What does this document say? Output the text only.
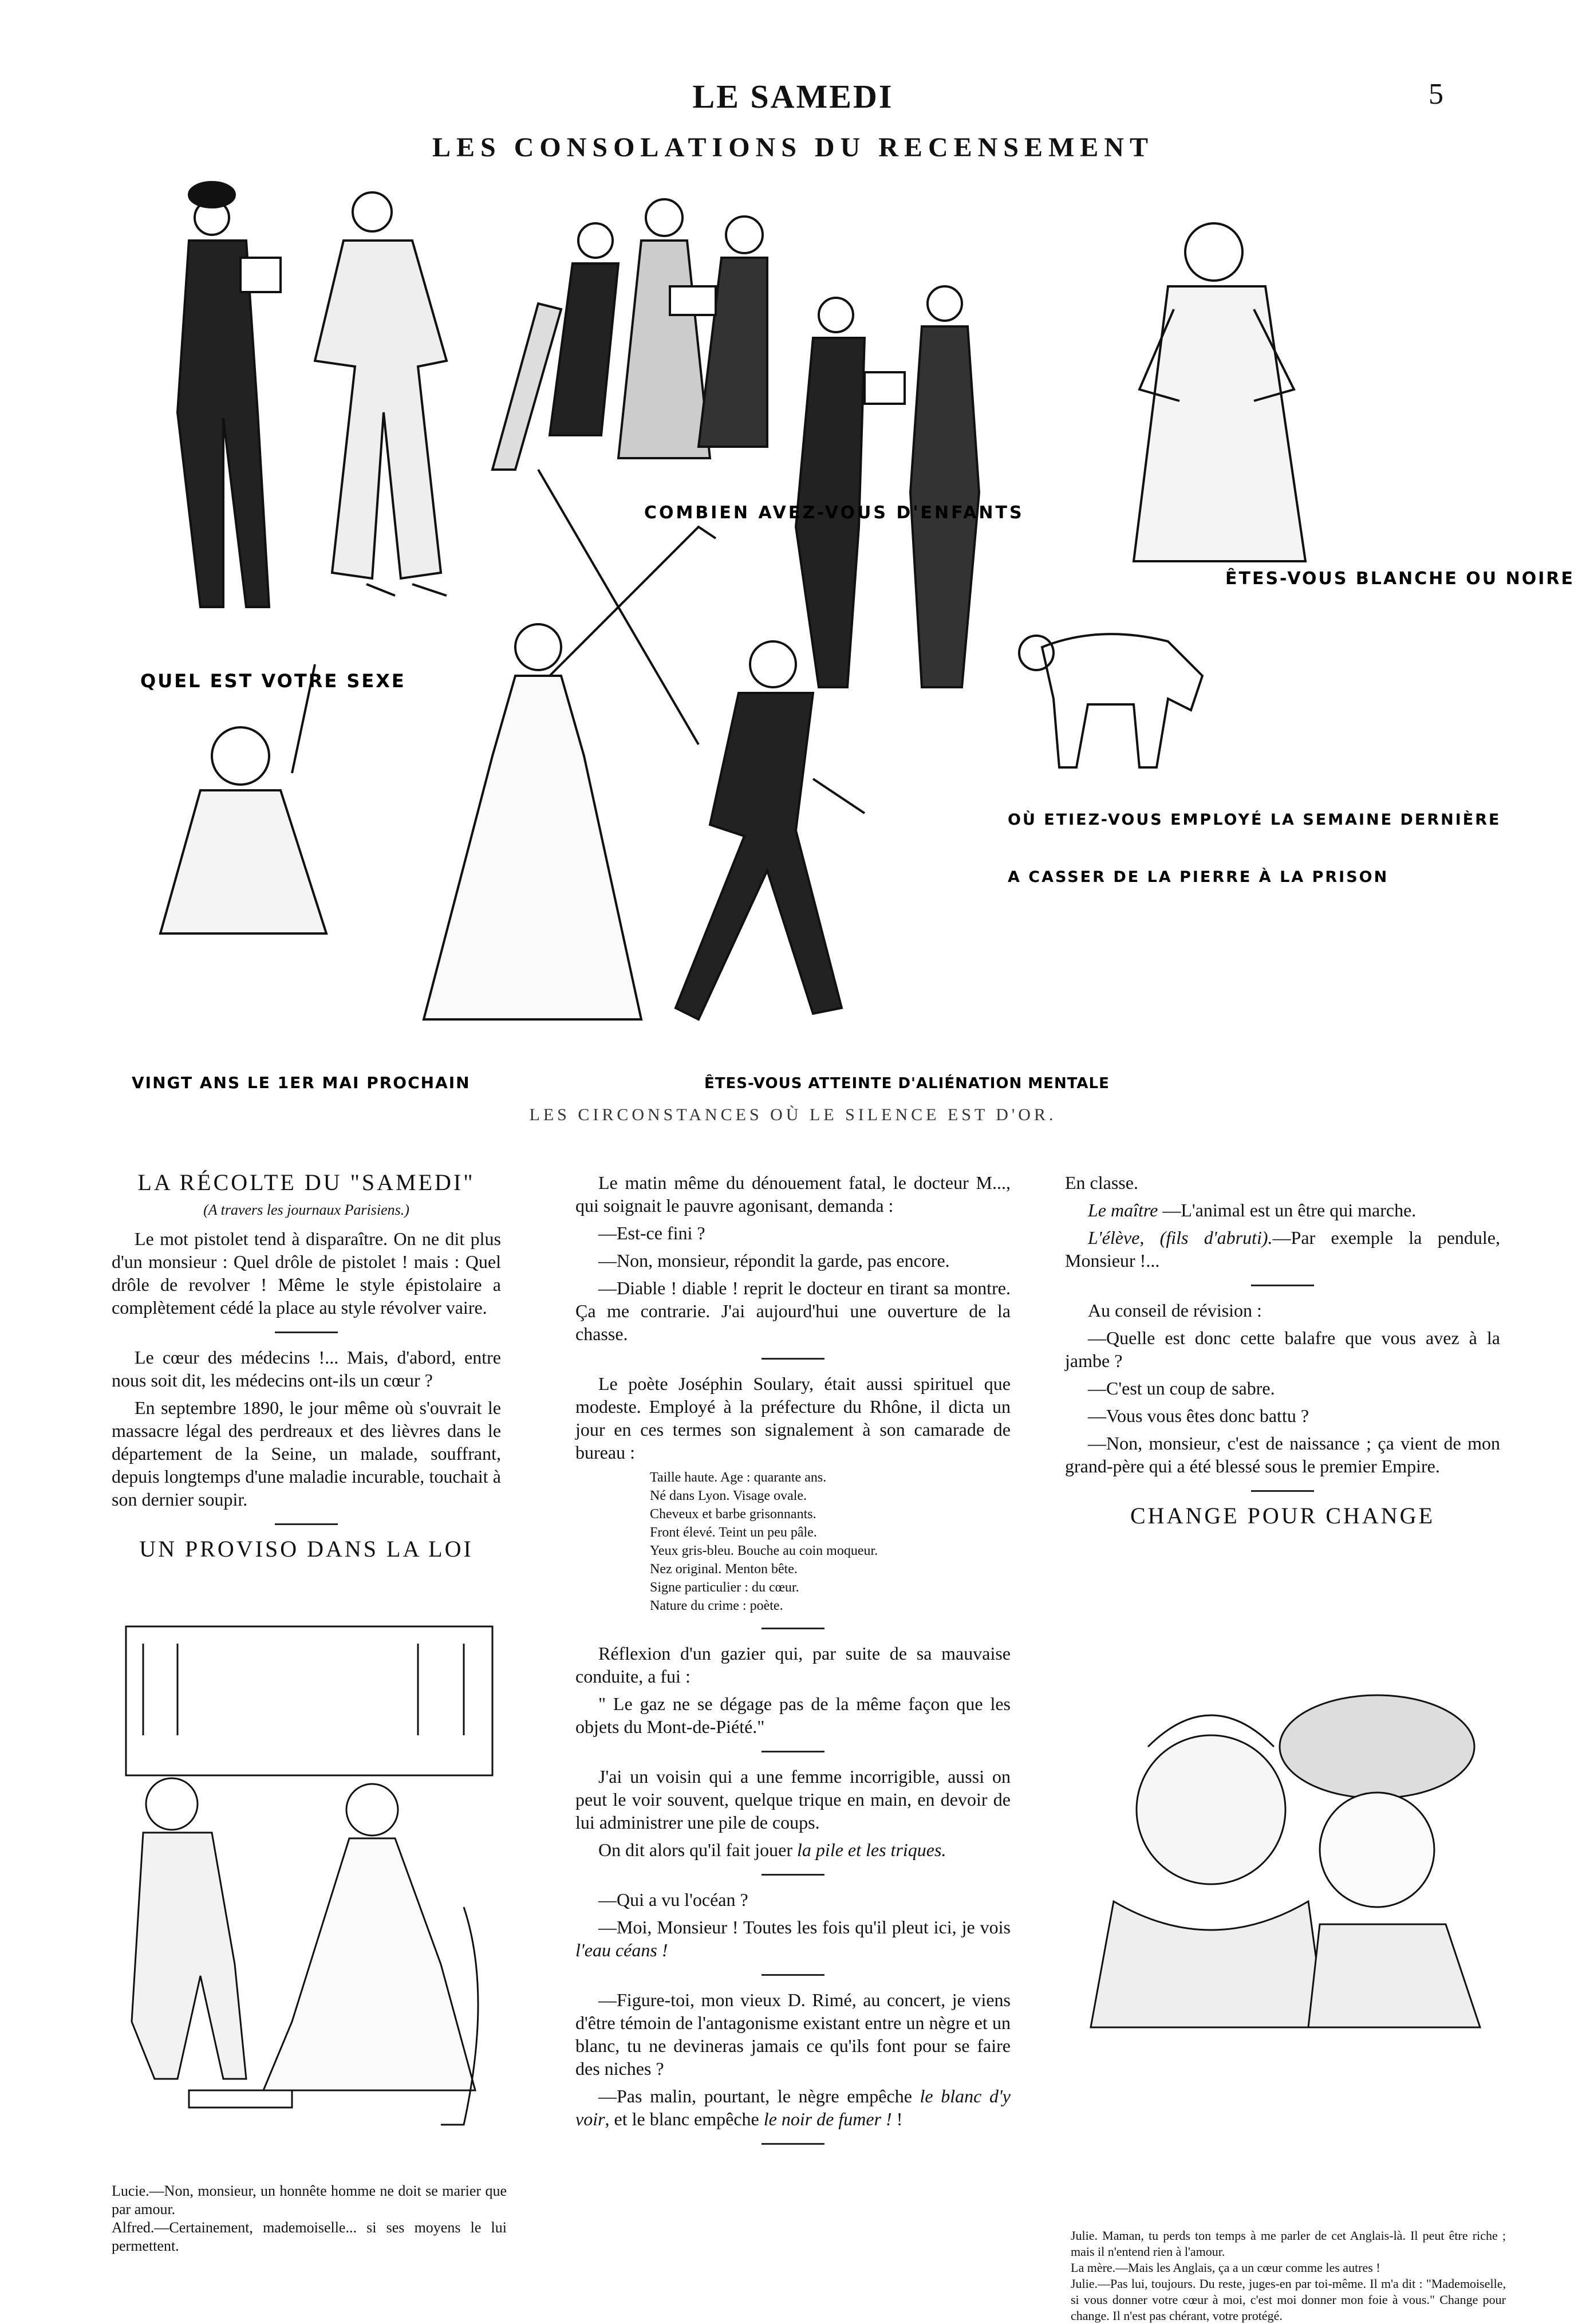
LE SAMEDI	5
LES CONSOLATIONS DU RECENSEMENT
COMBIEN AVEZ-VOUS D'ENFANTS
ÊTES-VOUS BLANCHE OU NOIRE
QUEL EST VOTRE SEXE
OÙ ETIEZ-VOUS EMPLOYÉ LA SEMAINE DERNIÈRE
A CASSER DE LA PIERRE À LA PRISON
VINGT ANS LE 1ER MAI PROCHAIN	ÊTES-VOUS ATTEINTE D'ALIÉNATION MENTALE
LES CIRCONSTANCES OÙ LE SILENCE EST D'OR.
LA RÉCOLTE DU "SAMEDI"
(A travers les journaux Parisiens.)

Le mot pistolet tend à disparaître. On ne dit plus d'un monsieur : Quel drôle de pistolet ! mais : Quel drôle de revolver ! Même le style épistolaire a complètement cédé la place au style révolver vaire.

Le cœur des médecins !... Mais, d'abord, entre nous soit dit, les médecins ont-ils un cœur ?

En septembre 1890, le jour même où s'ouvrait le massacre légal des perdreaux et des lièvres dans le département de la Seine, un malade, souffrant, depuis longtemps d'une maladie incurable, touchait à son dernier soupir.

UN PROVISO DANS LA LOI

Lucie.—Non, monsieur, un honnête homme ne doit se marier que par amour.

Alfred.—Certainement, mademoiselle... si ses moyens le lui permettent.

Le matin même du dénouement fatal, le docteur M..., qui soignait le pauvre agonisant, demanda :

—Est-ce fini ?

—Non, monsieur, répondit la garde, pas encore.

—Diable ! diable ! reprit le docteur en tirant sa montre. Ça me contrarie. J'ai aujourd'hui une ouverture de la chasse.

Le poète Joséphin Soulary, était aussi spirituel que modeste. Employé à la préfecture du Rhône, il dicta un jour en ces termes son signalement à son camarade de bureau :

Taille haute. Age : quarante ans.
Né dans Lyon. Visage ovale.
Cheveux et barbe grisonnants.
Front élevé. Teint un peu pâle.
Yeux gris-bleu. Bouche au coin moqueur.
Nez original. Menton bête.
Signe particulier : du cœur.
Nature du crime : poète.

Réflexion d'un gazier qui, par suite de sa mauvaise conduite, a fui :

" Le gaz ne se dégage pas de la même façon que les objets du Mont-de-Piété."

J'ai un voisin qui a une femme incorrigible, aussi on peut le voir souvent, quelque trique en main, en devoir de lui administrer une pile de coups.

On dit alors qu'il fait jouer la pile et les triques.

—Qui a vu l'océan ?

—Moi, Monsieur ! Toutes les fois qu'il pleut ici, je vois l'eau céans !

—Figure-toi, mon vieux D. Rimé, au concert, je viens d'être témoin de l'antagonisme existant entre un nègre et un blanc, tu ne devineras jamais ce qu'ils font pour se faire des niches ?

—Pas malin, pourtant, le nègre empêche le blanc d'y voir, et le blanc empêche le noir de fumer ! !

En classe.

Le maître —L'animal est un être qui marche.

L'élève, (fils d'abruti).—Par exemple la pendule, Monsieur !...

Au conseil de révision :

—Quelle est donc cette balafre que vous avez à la jambe ?

—C'est un coup de sabre.

—Vous vous êtes donc battu ?

—Non, monsieur, c'est de naissance ; ça vient de mon grand-père qui a été blessé sous le premier Empire.

CHANGE POUR CHANGE

Julie. Maman, tu perds ton temps à me parler de cet Anglais-là. Il peut être riche ; mais il n'entend rien à l'amour.

La mère.—Mais les Anglais, ça a un cœur comme les autres !

Julie.—Pas lui, toujours. Du reste, juges-en par toi-même. Il m'a dit : "Mademoiselle, si vous donner votre cœur à moi, c'est moi donner mon foie à vous." Change pour change. Il n'est pas chérant, votre protégé.
